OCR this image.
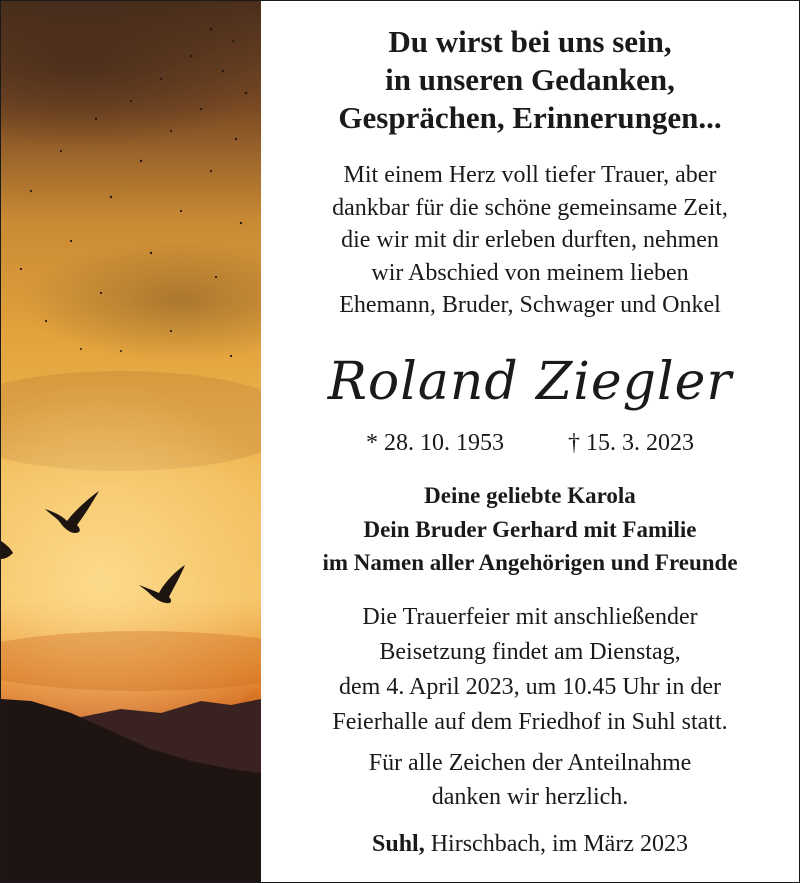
Du wirst bei uns sein,
in unseren Gedanken,
Gesprächen, Erinnerungen...
Mit einem Herz voll tiefer Trauer, aber
dankbar für die schöne gemeinsame Zeit,
die wir mit dir erleben durften, nehmen
wir Abschied von meinem lieben
Ehemann, Bruder, Schwager und Onkel
Roland Ziegler
* 28. 10. 1953	† 15. 3. 2023
Deine geliebte Karola
Dein Bruder Gerhard mit Familie
im Namen aller Angehörigen und Freunde
Die Trauerfeier mit anschließender
Beisetzung findet am Dienstag,
dem 4. April 2023, um 10.45 Uhr in der
Feierhalle auf dem Friedhof in Suhl statt.
Für alle Zeichen der Anteilnahme
danken wir herzlich.
Suhl, Hirschbach, im März 2023
